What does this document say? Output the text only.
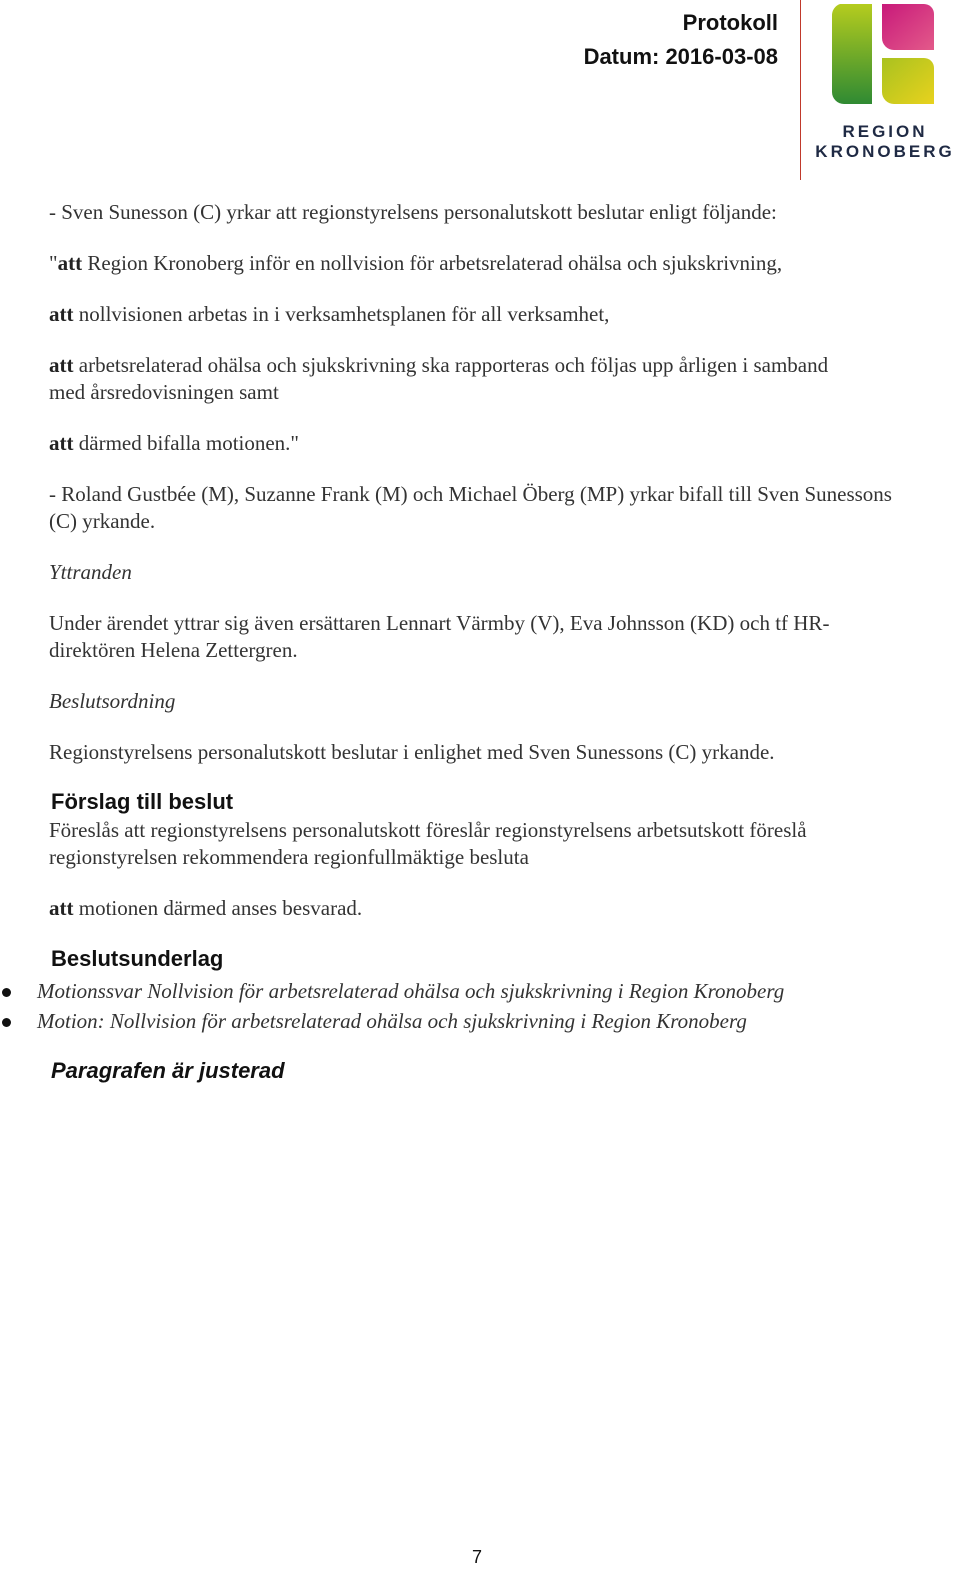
Protokoll
Datum: 2016-03-08
REGION
KRONOBERG
- Sven Sunesson (C) yrkar att regionstyrelsens personalutskott beslutar enligt följande:
"att Region Kronoberg inför en nollvision för arbetsrelaterad ohälsa och sjukskrivning,
att nollvisionen arbetas in i verksamhetsplanen för all verksamhet,
att arbetsrelaterad ohälsa och sjukskrivning ska rapporteras och följas upp årligen i samband med årsredovisningen samt
att därmed bifalla motionen."
- Roland Gustbée (M), Suzanne Frank (M) och Michael Öberg (MP) yrkar bifall till Sven Sunessons (C) yrkande.
Yttranden
Under ärendet yttrar sig även ersättaren Lennart Värmby (V), Eva Johnsson (KD) och tf HR-direktören Helena Zettergren.
Beslutsordning
Regionstyrelsens personalutskott beslutar i enlighet med Sven Sunessons (C) yrkande.
Förslag till beslut
Föreslås att regionstyrelsens personalutskott föreslår regionstyrelsens arbetsutskott föreslå regionstyrelsen rekommendera regionfullmäktige besluta
att motionen därmed anses besvarad.
Beslutsunderlag
Motionssvar Nollvision för arbetsrelaterad ohälsa och sjukskrivning i Region Kronoberg
Motion: Nollvision för arbetsrelaterad ohälsa och sjukskrivning i Region Kronoberg
Paragrafen är justerad
7
